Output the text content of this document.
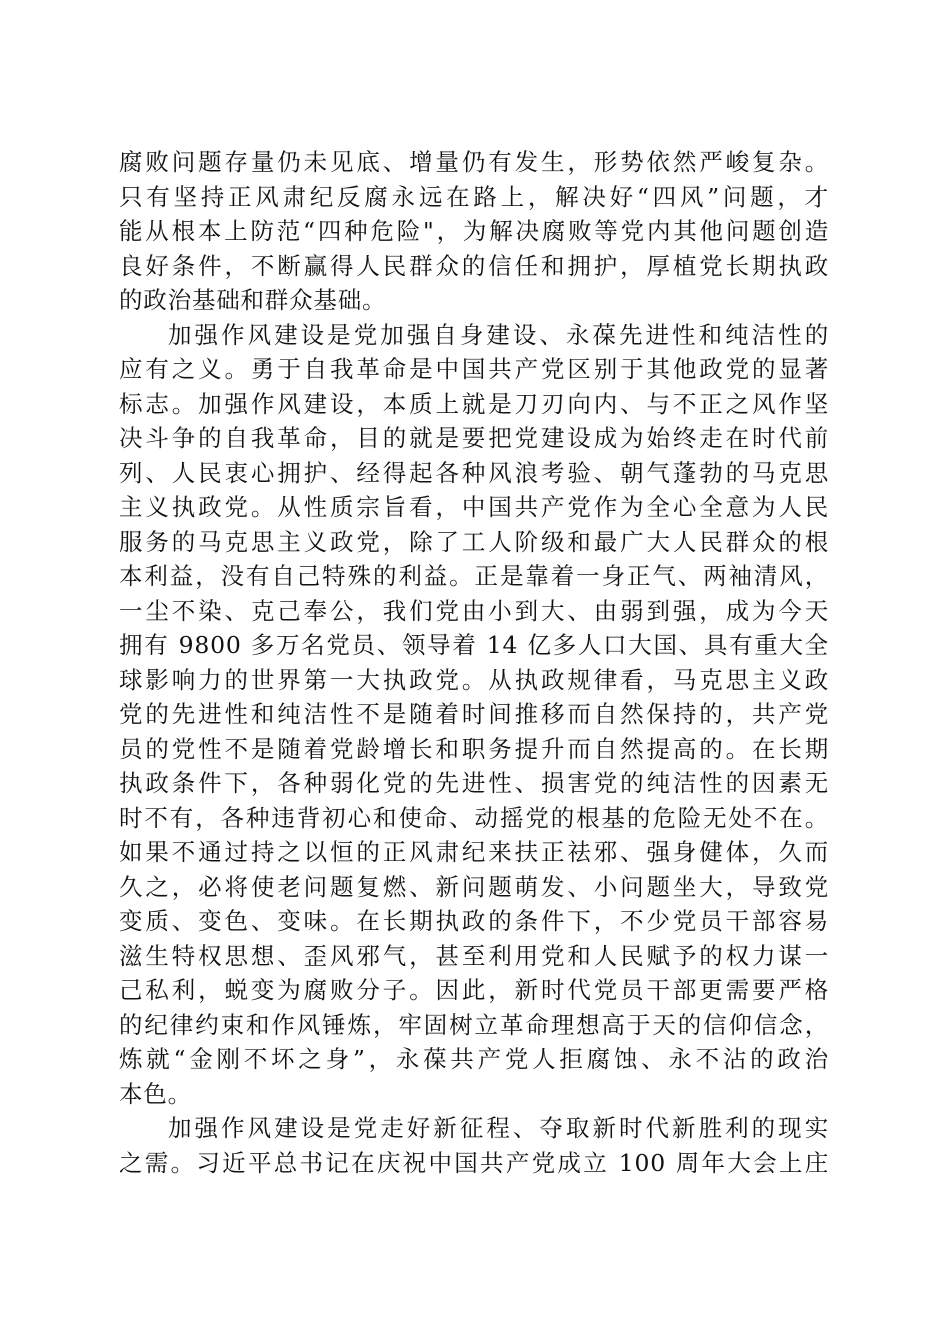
腐败问题存量仍未见底、增量仍有发生，形势依然严峻复杂。
只有坚持正风肃纪反腐永远在路上，解决好“四风”问题，才
能从根本上防范“四种危险"，为解决腐败等党内其他问题创造
良好条件，不断赢得人民群众的信任和拥护，厚植党长期执政
的政治基础和群众基础。
加强作风建设是党加强自身建设、永葆先进性和纯洁性的
应有之义。勇于自我革命是中国共产党区别于其他政党的显著
标志。加强作风建设，本质上就是刀刃向内、与不正之风作坚
决斗争的自我革命，目的就是要把党建设成为始终走在时代前
列、人民衷心拥护、经得起各种风浪考验、朝气蓬勃的马克思
主义执政党。从性质宗旨看，中国共产党作为全心全意为人民
服务的马克思主义政党，除了工人阶级和最广大人民群众的根
本利益，没有自己特殊的利益。正是靠着一身正气、两袖清风，
一尘不染、克己奉公，我们党由小到大、由弱到强，成为今天
拥有 9800 多万名党员、领导着 14 亿多人口大国、具有重大全
球影响力的世界第一大执政党。从执政规律看，马克思主义政
党的先进性和纯洁性不是随着时间推移而自然保持的，共产党
员的党性不是随着党龄增长和职务提升而自然提高的。在长期
执政条件下，各种弱化党的先进性、损害党的纯洁性的因素无
时不有，各种违背初心和使命、动摇党的根基的危险无处不在。
如果不通过持之以恒的正风肃纪来扶正祛邪、强身健体，久而
久之，必将使老问题复燃、新问题萌发、小问题坐大，导致党
变质、变色、变味。在长期执政的条件下，不少党员干部容易
滋生特权思想、歪风邪气，甚至利用党和人民赋予的权力谋一
己私利，蜕变为腐败分子。因此，新时代党员干部更需要严格
的纪律约束和作风锤炼，牢固树立革命理想高于天的信仰信念，
炼就“金刚不坏之身”，永葆共产党人拒腐蚀、永不沾的政治
本色。
加强作风建设是党走好新征程、夺取新时代新胜利的现实
之需。习近平总书记在庆祝中国共产党成立 100 周年大会上庄
